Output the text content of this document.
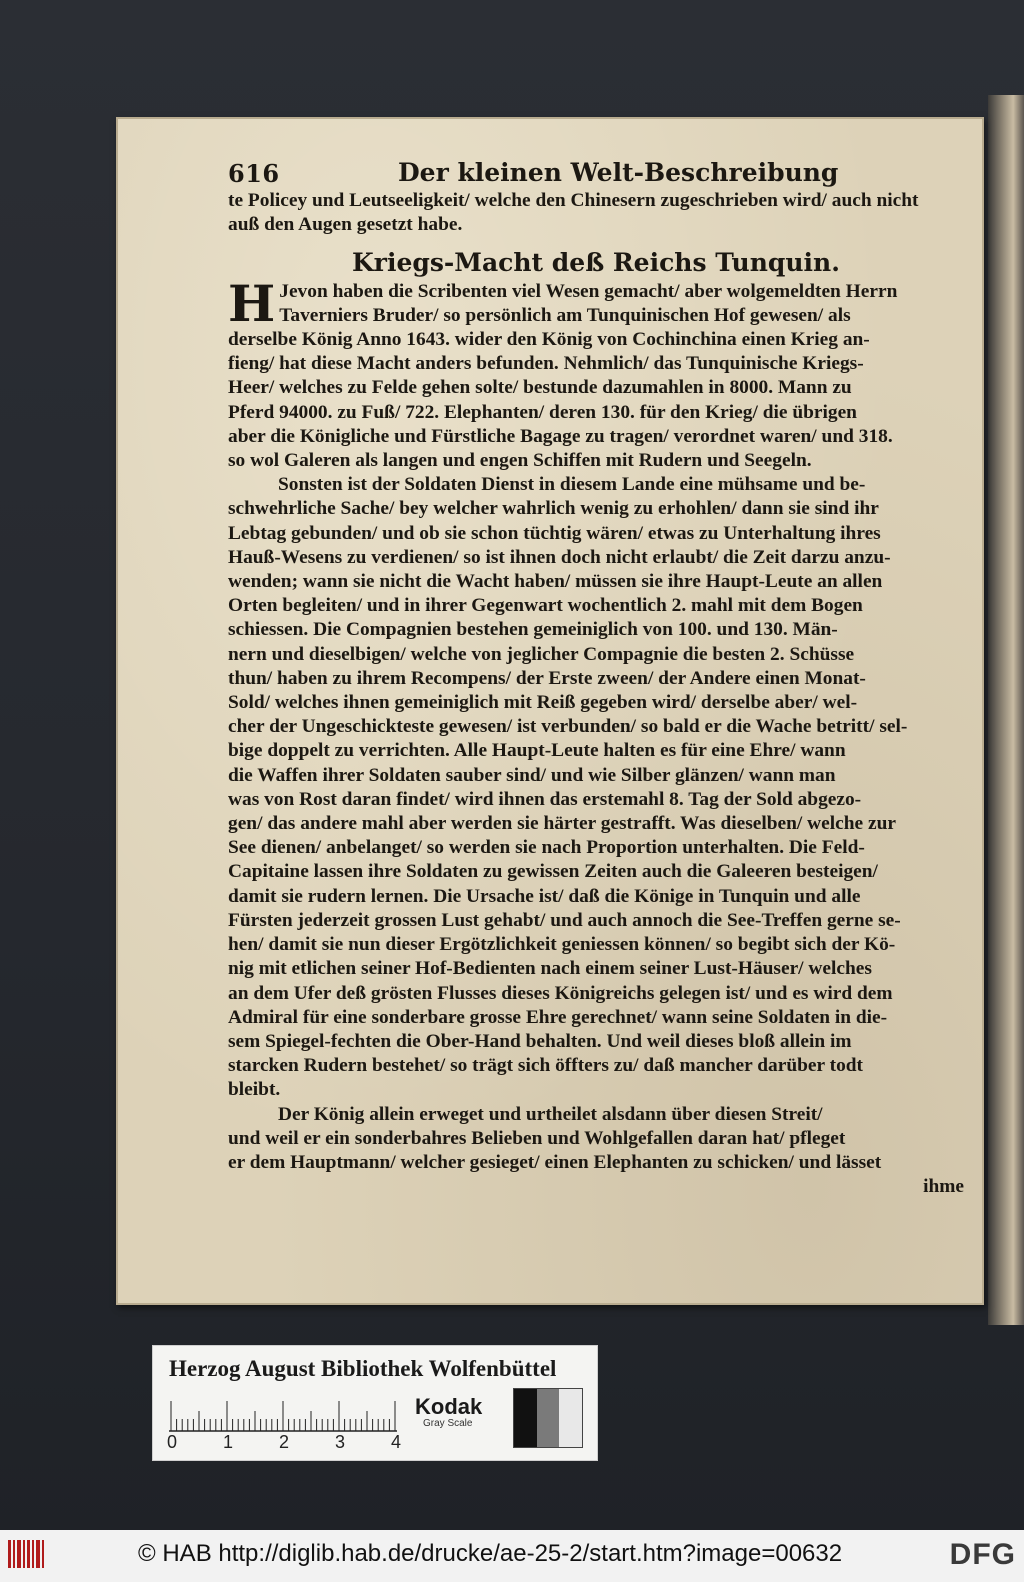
616	Der kleinen Welt-Beschreibung
te Policey und Leutseeligkeit/ welche den Chinesern zugeschrieben wird/ auch nicht
auß den Augen gesetzt habe.
Kriegs-Macht deß Reichs Tunquin.
H Jevon haben die Scribenten viel Wesen gemacht/ aber wolgemeldten Herrn
Taverniers Bruder/ so persönlich am Tunquinischen Hof gewesen/ als
derselbe König Anno 1643. wider den König von Cochinchina einen Krieg an-
fieng/ hat diese Macht anders befunden. Nehmlich/ das Tunquinische Kriegs-
Heer/ welches zu Felde gehen solte/ bestunde dazumahlen in 8000. Mann zu
Pferd 94000. zu Fuß/ 722. Elephanten/ deren 130. für den Krieg/ die übrigen
aber die Königliche und Fürstliche Bagage zu tragen/ verordnet waren/ und 318.
so wol Galeren als langen und engen Schiffen mit Rudern und Seegeln.
Sonsten ist der Soldaten Dienst in diesem Lande eine mühsame und be-
schwehrliche Sache/ bey welcher wahrlich wenig zu erhohlen/ dann sie sind ihr
Lebtag gebunden/ und ob sie schon tüchtig wären/ etwas zu Unterhaltung ihres
Hauß-Wesens zu verdienen/ so ist ihnen doch nicht erlaubt/ die Zeit darzu anzu-
wenden; wann sie nicht die Wacht haben/ müssen sie ihre Haupt-Leute an allen
Orten begleiten/ und in ihrer Gegenwart wochentlich 2. mahl mit dem Bogen
schiessen. Die Compagnien bestehen gemeiniglich von 100. und 130. Män-
nern und dieselbigen/ welche von jeglicher Compagnie die besten 2. Schüsse
thun/ haben zu ihrem Recompens/ der Erste zween/ der Andere einen Monat-
Sold/ welches ihnen gemeiniglich mit Reiß gegeben wird/ derselbe aber/ wel-
cher der Ungeschickteste gewesen/ ist verbunden/ so bald er die Wache betritt/ sel-
bige doppelt zu verrichten. Alle Haupt-Leute halten es für eine Ehre/ wann
die Waffen ihrer Soldaten sauber sind/ und wie Silber glänzen/ wann man
was von Rost daran findet/ wird ihnen das erstemahl 8. Tag der Sold abgezo-
gen/ das andere mahl aber werden sie härter gestrafft. Was dieselben/ welche zur
See dienen/ anbelanget/ so werden sie nach Proportion unterhalten. Die Feld-
Capitaine lassen ihre Soldaten zu gewissen Zeiten auch die Galeeren besteigen/
damit sie rudern lernen. Die Ursache ist/ daß die Könige in Tunquin und alle
Fürsten jederzeit grossen Lust gehabt/ und auch annoch die See-Treffen gerne se-
hen/ damit sie nun dieser Ergötzlichkeit geniessen können/ so begibt sich der Kö-
nig mit etlichen seiner Hof-Bedienten nach einem seiner Lust-Häuser/ welches
an dem Ufer deß grösten Flusses dieses Königreichs gelegen ist/ und es wird dem
Admiral für eine sonderbare grosse Ehre gerechnet/ wann seine Soldaten in die-
sem Spiegel-fechten die Ober-Hand behalten. Und weil dieses bloß allein im
starcken Rudern bestehet/ so trägt sich öffters zu/ daß mancher darüber todt
bleibt.
Der König allein erweget und urtheilet alsdann über diesen Streit/
und weil er ein sonderbahres Belieben und Wohlgefallen daran hat/ pfleget
er dem Hauptmann/ welcher gesieget/ einen Elephanten zu schicken/ und lässet
ihme
Herzog August Bibliothek Wolfenbüttel
0	1	2	3	4
Kodak
Gray Scale
© HAB http://diglib.hab.de/drucke/ae-25-2/start.htm?image=00632	DFG
